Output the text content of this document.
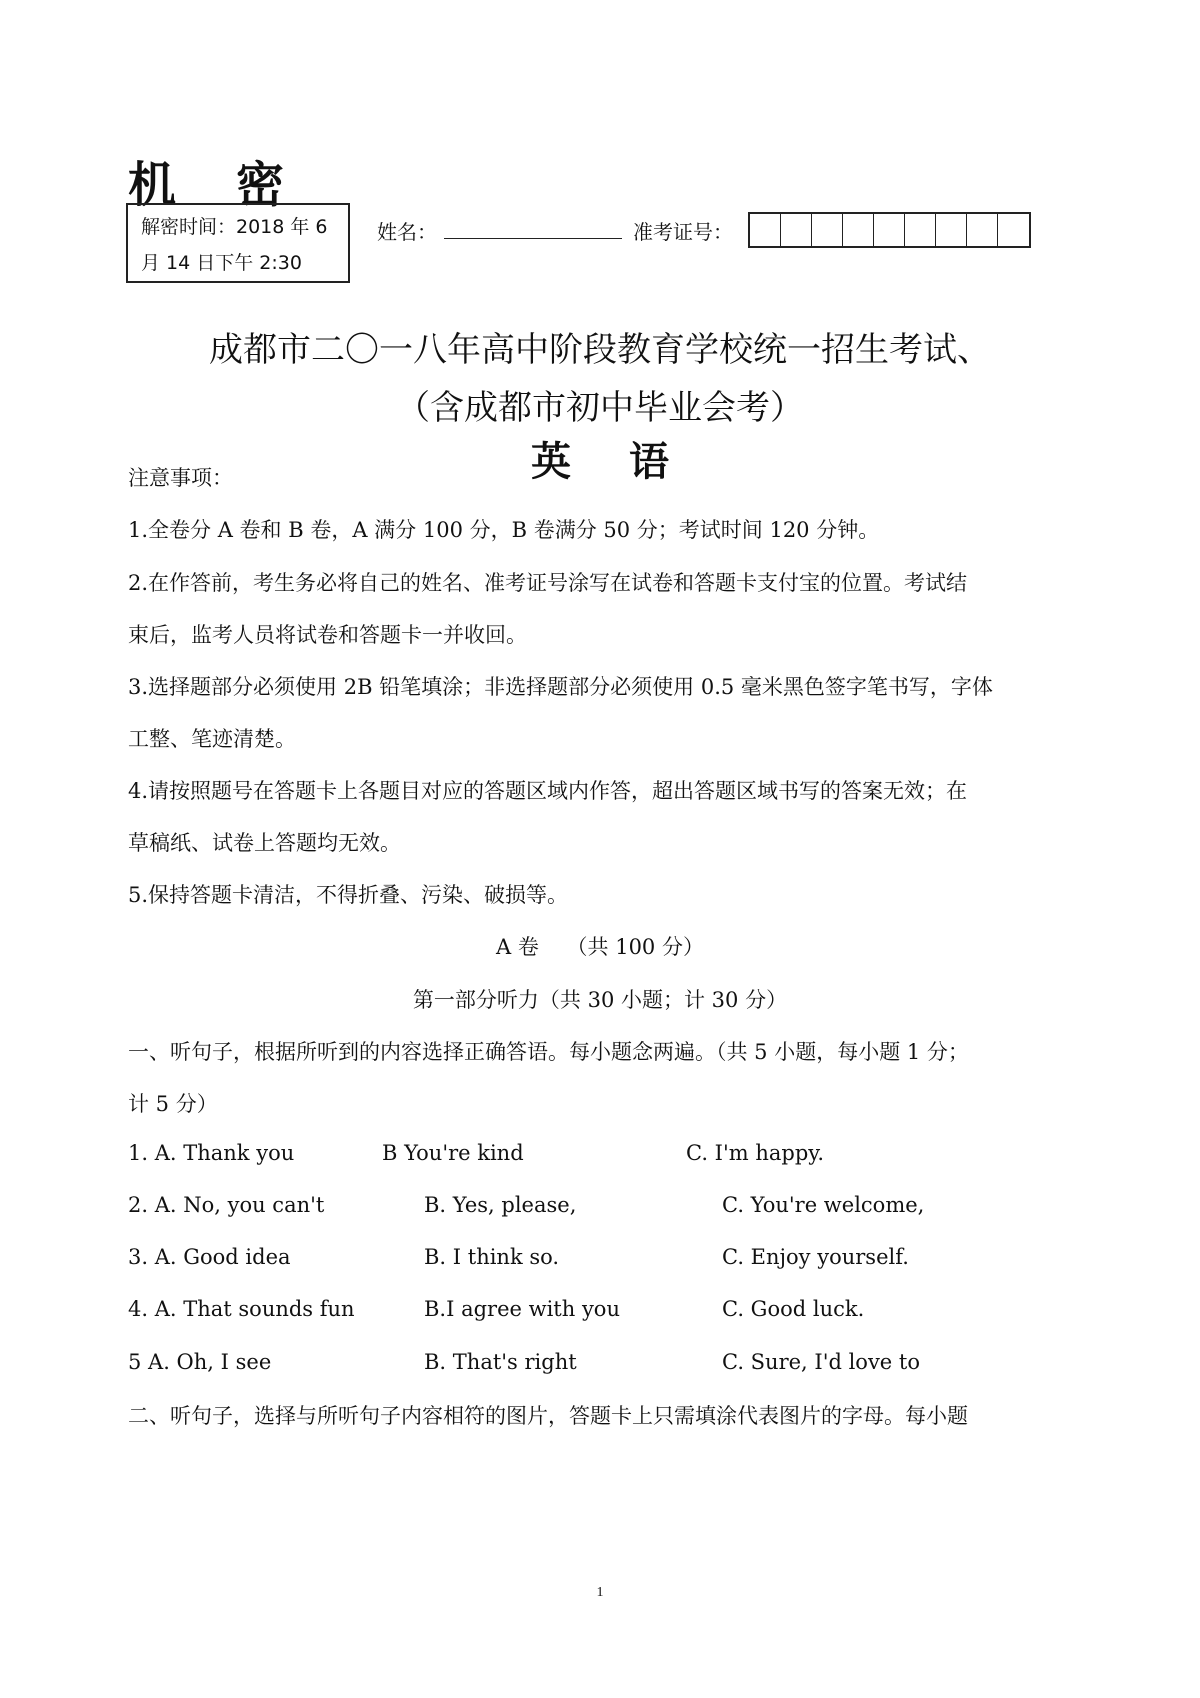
机 密
解密时间：2018 年 6 月 14 日下午 2:30
姓名：	准考证号：
成都市二〇一八年高中阶段教育学校统一招生考试、
（含成都市初中毕业会考）
英 语
注意事项：
1.全卷分 A 卷和 B 卷，A 满分 100 分，B 卷满分 50 分；考试时间 120 分钟。
2.在作答前，考生务必将自己的姓名、准考证号涂写在试卷和答题卡支付宝的位置。考试结
束后，监考人员将试卷和答题卡一并收回。
3.选择题部分必须使用 2B 铅笔填涂；非选择题部分必须使用 0.5 毫米黑色签字笔书写，字体
工整、笔迹清楚。
4.请按照题号在答题卡上各题目对应的答题区域内作答，超出答题区域书写的答案无效；在
草稿纸、试卷上答题均无效。
5.保持答题卡清洁，不得折叠、污染、破损等。
A 卷　 （共 100 分）
第一部分听力（共 30 小题；计 30 分）
一、听句子，根据所听到的内容选择正确答语。每小题念两遍。（共 5 小题，每小题 1 分；
计 5 分）
1. A. Thank you	B You're kind	C. I'm happy.
2. A. No, you can't	B. Yes, please,	C. You're welcome,
3. A. Good idea	B. I think so.	C. Enjoy yourself.
4. A. That sounds fun	B.I agree with you	C. Good luck.
5 A. Oh, I see	B. That's right	C. Sure, I'd love to
二、听句子，选择与所听句子内容相符的图片，答题卡上只需填涂代表图片的字母。每小题
1
